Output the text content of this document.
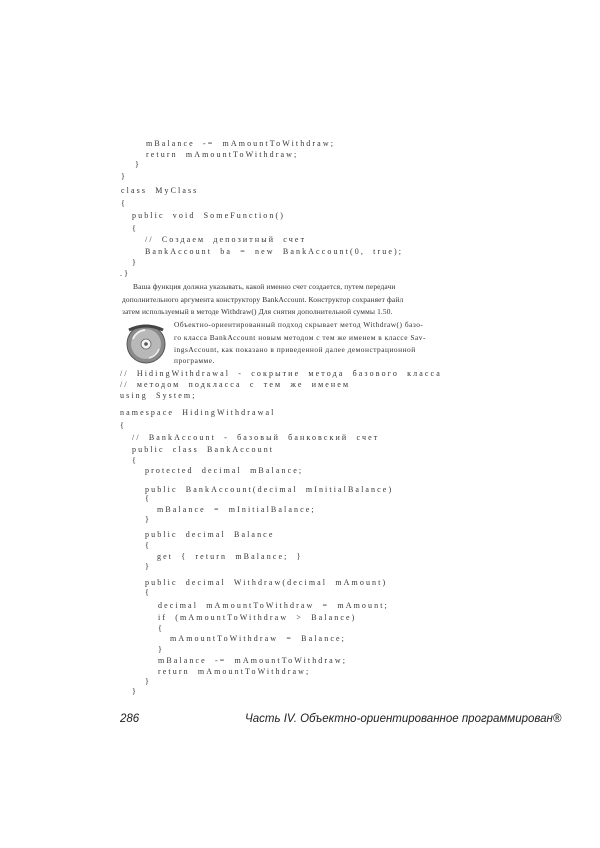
mBalance  -=  mAmountToWithdraw;
return  mAmountToWithdraw;
}
}
class  MyClass
{
public  void  SomeFunction()
{
//  Создаем  депозитный  счет
BankAccount  ba  =  new  BankAccount(0,  true);
}
.}

Ваша функция должна указывать, какой именно счет создается, путем передачи

дополнительного аргумента конструктору BankAccount. Конструктор сохраняет файл

затем используемый в методе Withdraw() Для снятия дополнительной суммы 1.50.

Объектно-ориентированный подход скрывает метод Withdraw() базо-

го класса BankAccount новым методом с тем же именем в классе Sav-

ingsAccount, как показано в приведенной далее демонстрационной

программе.

//  HidingWithdrawal  -  сокрытие  метода  базового  класса
//  методом  подкласса  с  тем  же  именем
using  System;
namespace  HidingWithdrawal
{
//  BankAccount  -  базовый  банковский  счет
public  class  BankAccount
{
protected  decimal  mBalance;
public  BankAccount(decimal  mInitialBalance)
{
mBalance  =  mInitialBalance;
}
public  decimal  Balance
{
get  {  return  mBalance;  }
}
public  decimal  Withdraw(decimal  mAmount)
{
decimal  mAmountToWithdraw  =  mAmount;
if  (mAmountToWithdraw  >  Balance)
{
mAmountToWithdraw  =  Balance;
}
mBalance  -=  mAmountToWithdraw;
return  mAmountToWithdraw;
}
}
286	Часть IV. Объектно-ориентированное программирован®
